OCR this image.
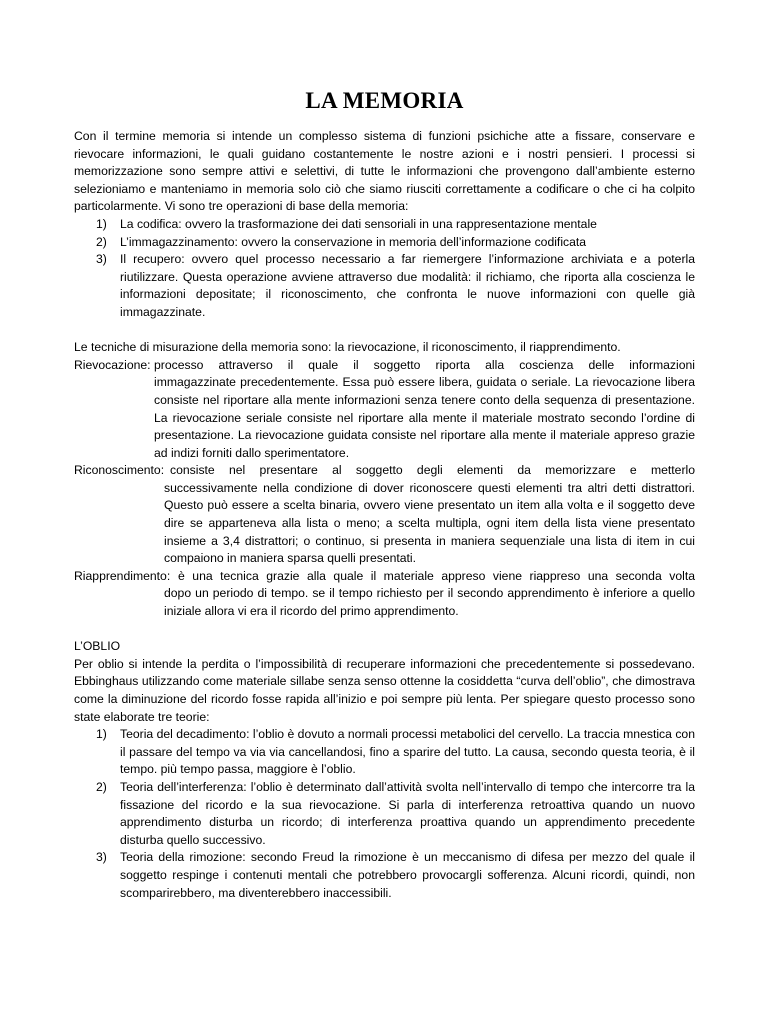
LA MEMORIA

Con il termine memoria si intende un complesso sistema di funzioni psichiche atte a fissare, conservare e rievocare informazioni, le quali guidano costantemente le nostre azioni e i nostri pensieri. I processi si memorizzazione sono sempre attivi e selettivi, di tutte le informazioni che provengono dall’ambiente esterno selezioniamo e manteniamo in memoria solo ciò che siamo riusciti correttamente a codificare o che ci ha colpito particolarmente. Vi sono tre operazioni di base della memoria:

1) La codifica: ovvero la trasformazione dei dati sensoriali in una rappresentazione mentale
2) L’immagazzinamento: ovvero la conservazione in memoria dell’informazione codificata
3) Il recupero: ovvero quel processo necessario a far riemergere l’informazione archiviata e a poterla riutilizzare. Questa operazione avviene attraverso due modalità: il richiamo, che riporta alla coscienza le informazioni depositate; il riconoscimento, che confronta le nuove informazioni con quelle già immagazzinate.

Le tecniche di misurazione della memoria sono: la rievocazione, il riconoscimento, il riapprendimento.

Rievocazione: processo attraverso il quale il soggetto riporta alla coscienza delle informazioni
immagazzinate precedentemente. Essa può essere libera, guidata o seriale. La rievocazione libera consiste nel riportare alla mente informazioni senza tenere conto della sequenza di presentazione. La rievocazione seriale consiste nel riportare alla mente il materiale mostrato secondo l’ordine di presentazione. La rievocazione guidata consiste nel riportare alla mente il materiale appreso grazie ad indizi forniti dallo sperimentatore.
Riconoscimento: consiste nel presentare al soggetto degli elementi da memorizzare e metterlo
successivamente nella condizione di dover riconoscere questi elementi tra altri detti distrattori. Questo può essere a scelta binaria, ovvero viene presentato un item alla volta e il soggetto deve dire se apparteneva alla lista o meno; a scelta multipla, ogni item della lista viene presentato insieme a 3,4 distrattori; o continuo, si presenta in maniera sequenziale una lista di item in cui compaiono in maniera sparsa quelli presentati.
Riapprendimento: è una tecnica grazie alla quale il materiale appreso viene riappreso una seconda volta
dopo un periodo di tempo. se il tempo richiesto per il secondo apprendimento è inferiore a quello iniziale allora vi era il ricordo del primo apprendimento.

L’OBLIO

Per oblio si intende la perdita o l’impossibilità di recuperare informazioni che precedentemente si possedevano. Ebbinghaus utilizzando come materiale sillabe senza senso ottenne la cosiddetta “curva dell’oblio”, che dimostrava come la diminuzione del ricordo fosse rapida all’inizio e poi sempre più lenta. Per spiegare questo processo sono state elaborate tre teorie:

1) Teoria del decadimento: l’oblio è dovuto a normali processi metabolici del cervello. La traccia mnestica con il passare del tempo va via via cancellandosi, fino a sparire del tutto. La causa, secondo questa teoria, è il tempo. più tempo passa, maggiore è l’oblio.
2) Teoria dell’interferenza: l’oblio è determinato dall’attività svolta nell’intervallo di tempo che intercorre tra la fissazione del ricordo e la sua rievocazione. Si parla di interferenza retroattiva quando un nuovo apprendimento disturba un ricordo; di interferenza proattiva quando un apprendimento precedente disturba quello successivo.
3) Teoria della rimozione: secondo Freud la rimozione è un meccanismo di difesa per mezzo del quale il soggetto respinge i contenuti mentali che potrebbero provocargli sofferenza. Alcuni ricordi, quindi, non scomparirebbero, ma diventerebbero inaccessibili.
